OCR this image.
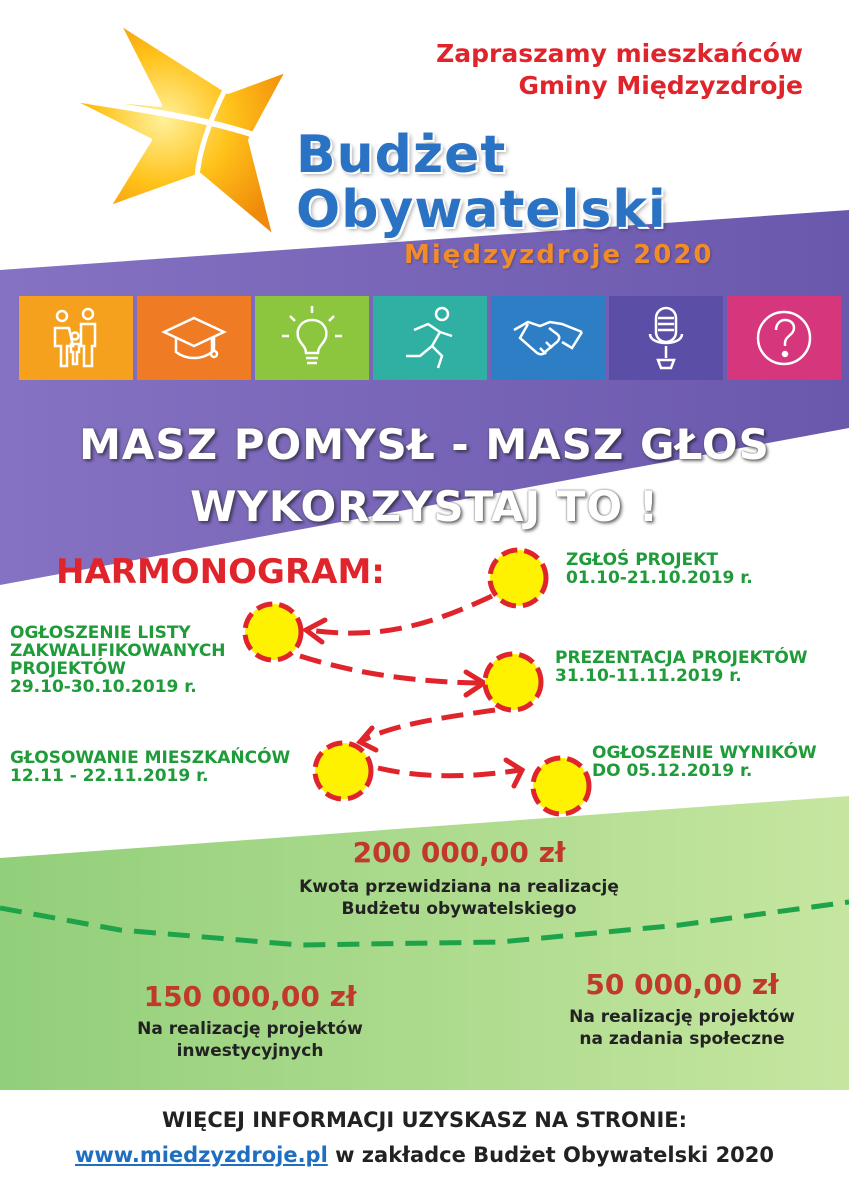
Zapraszamy mieszkańców
Gminy Międzyzdroje
Budżet
Obywatelski
Międzyzdroje 2020
MASZ POMYSŁ - MASZ GŁOS
WYKORZYSTAJ TO !
HARMONOGRAM:	ZGŁOŚ PROJEKT
01.10-21.10.2019 r.
OGŁOSZENIE LISTY
ZAKWALIFIKOWANYCH
PROJEKTÓW
29.10-30.10.2019 r.
PREZENTACJA PROJEKTÓW
31.10-11.11.2019 r.
GŁOSOWANIE MIESZKAŃCÓW
12.11 - 22.11.2019 r.
OGŁOSZENIE WYNIKÓW
DO 05.12.2019 r.
200 000,00 zł
Kwota przewidziana na realizację
Budżetu obywatelskiego
150 000,00 zł
Na realizację projektów
inwestycyjnych
50 000,00 zł
Na realizację projektów
na zadania społeczne
WIĘCEJ INFORMACJI UZYSKASZ NA STRONIE:
www.miedzyzdroje.pl w zakładce Budżet Obywatelski 2020
